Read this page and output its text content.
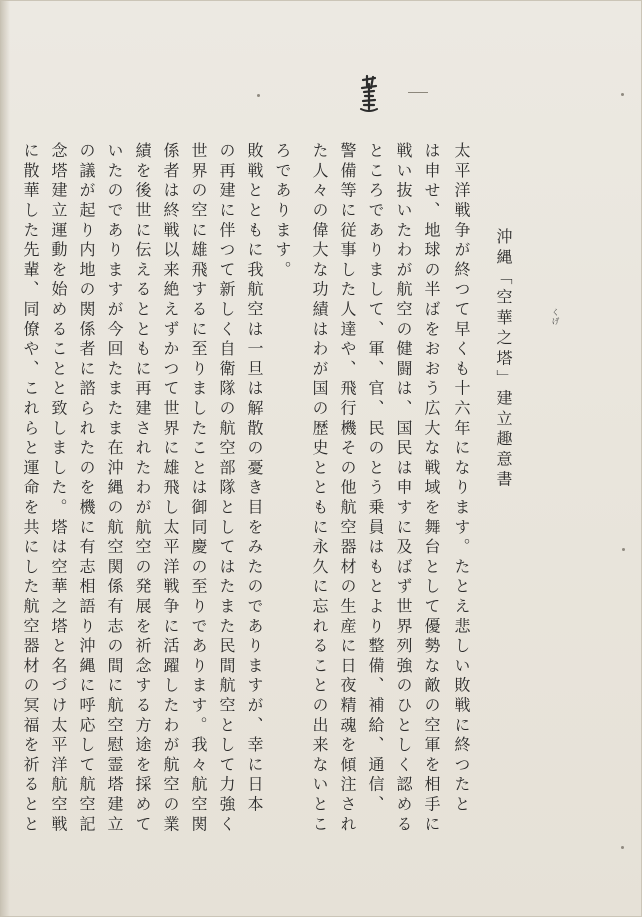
沖縄「空華之塔」建立趣意書	くげ
太平洋戦争が終つて早くも十六年になります。たとえ悲しい敗戦に終つたと
は申せ、地球の半ばをおおう広大な戦域を舞台として優勢な敵の空軍を相手に
戦い抜いたわが航空の健闘は、国民は申すに及ばず世界列強のひとしく認める
ところでありまして、軍、官、民のとう乗員はもとより整備、補給、通信、
警備等に従事した人達や、飛行機その他航空器材の生産に日夜精魂を傾注され
た人々の偉大な功績はわが国の歴史とともに永久に忘れることの出来ないとこ
ろであります。
敗戦とともに我航空は一旦は解散の憂き目をみたのでありますが、幸に日本
の再建に伴つて新しく自衛隊の航空部隊としてはたまた民間航空として力強く
世界の空に雄飛するに至りましたことは御同慶の至りであります。我々航空関
係者は終戦以来絶えずかつて世界に雄飛し太平洋戦争に活躍したわが航空の業
績を後世に伝えるとともに再建されたわが航空の発展を祈念する方途を採めて
いたのでありますが今回たまたま在沖縄の航空関係有志の間に航空慰霊塔建立
の議が起り内地の関係者に諮られたのを機に有志相語り沖縄に呼応して航空記
念塔建立運動を始めることと致しました。塔は空華之塔と名づけ太平洋航空戦
に散華した先輩、同僚や、これらと運命を共にした航空器材の冥福を祈るとと
